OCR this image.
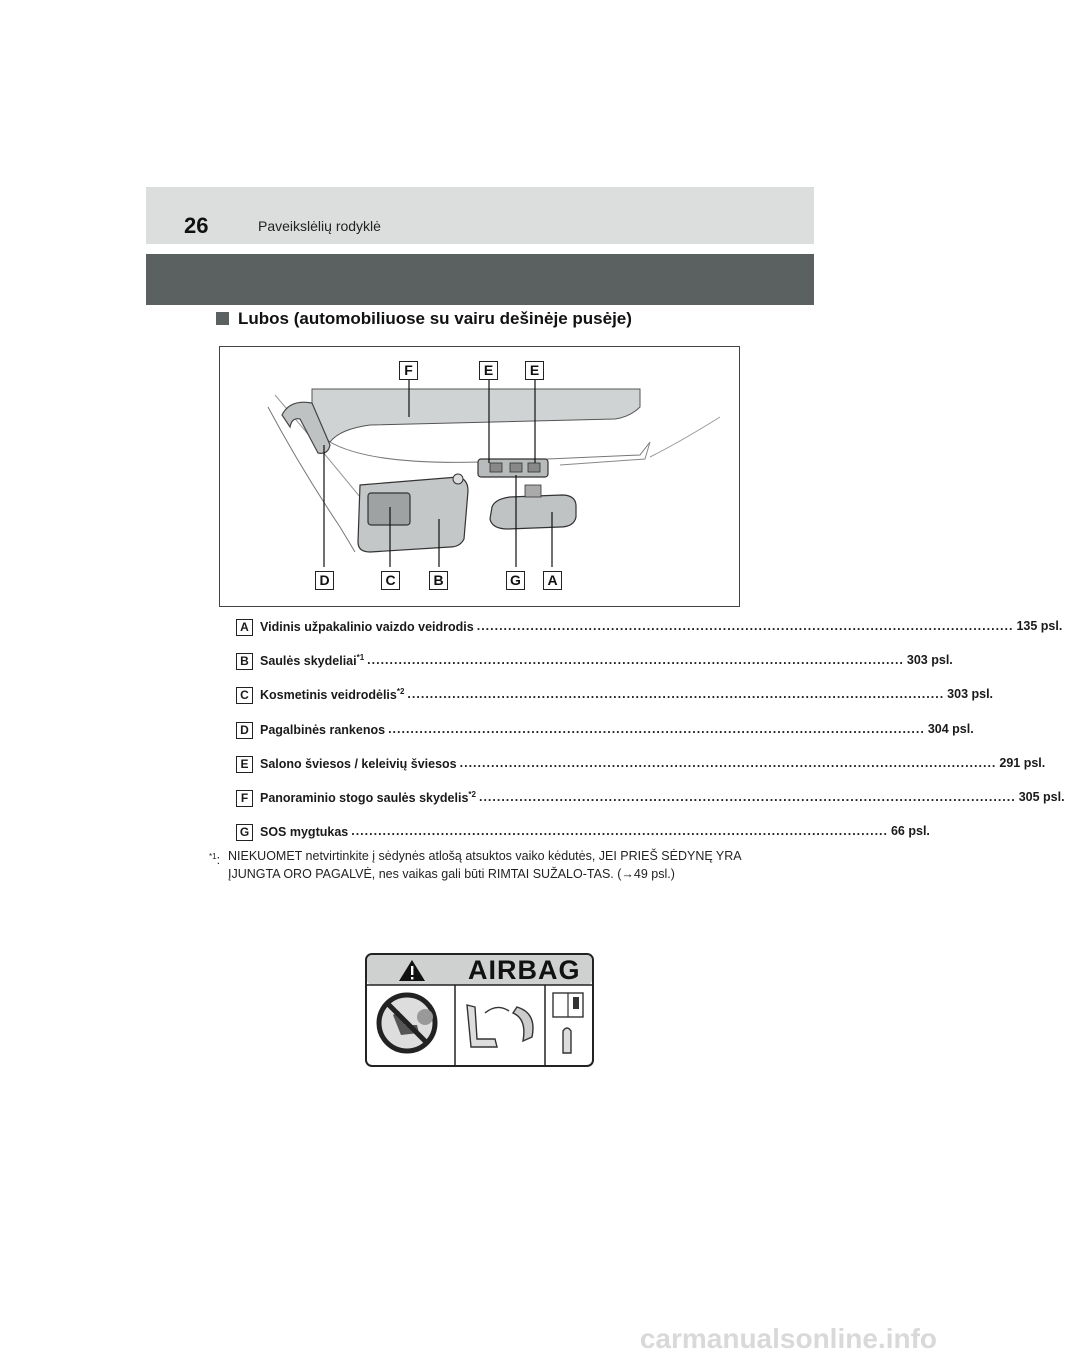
26	Paveikslėlių rodyklė
Lubos (automobiliuose su vairu dešinėje pusėje)
F	E	E
D	C	B	G	A
A Vidinis užpakalinio vaizdo veidrodis ........................................................................................................................ 135 psl.
B Saulės skydeliai$^{*1}$ ........................................................................................................................ 303 psl.
C Kosmetinis veidrodėlis$^{*2}$ ........................................................................................................................ 303 psl.
D Pagalbinės rankenos ........................................................................................................................ 304 psl.
E Salono šviesos / keleivių šviesos ........................................................................................................................ 291 psl.
F Panoraminio stogo saulės skydelis$^{*2}$ ........................................................................................................................ 305 psl.
G SOS mygtukas ........................................................................................................................ 66 psl.
$^{*1}$: NIEKUOMET netvirtinkite į sėdynės atlošą atsuktos vaiko kėdutės, JEI PRIEŠ SĖDYNĘ YRA ĮJUNGTA ORO PAGALVĖ, nes vaikas gali būti RIMTAI SUŽALO-TAS. (→49 psl.)
AIRBAG
carmanualsonline.info
